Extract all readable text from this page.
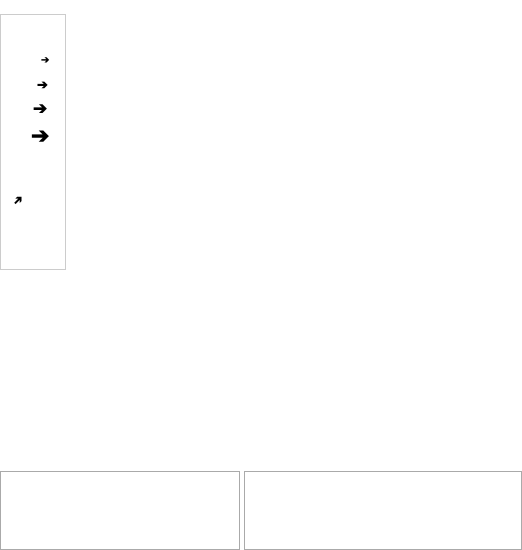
➔
➔
➔
➔
➔
